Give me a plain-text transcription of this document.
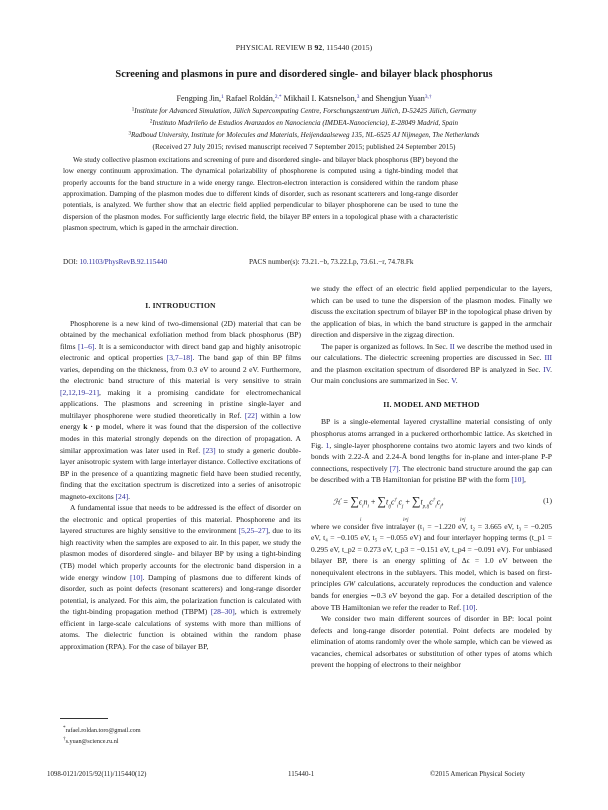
PHYSICAL REVIEW B 92, 115440 (2015)
Screening and plasmons in pure and disordered single- and bilayer black phosphorus
Fengping Jin,$^1$ Rafael Roldán,$^{2,*}$ Mikhail I. Katsnelson,$^3$ and Shengjun Yuan$^{3,\dagger}$
$^1$Institute for Advanced Simulation, Jülich Supercomputing Centre, Forschungszentrum Jülich, D-52425 Jülich, Germany
$^2$Instituto Madrileño de Estudios Avanzados en Nanociencia (IMDEA-Nanociencia), E-28049 Madrid, Spain
$^3$Radboud University, Institute for Molecules and Materials, Heijendaalseweg 135, NL-6525 AJ Nijmegen, The Netherlands
(Received 27 July 2015; revised manuscript received 7 September 2015; published 24 September 2015)
We study collective plasmon excitations and screening of pure and disordered single- and bilayer black phosphorus (BP) beyond the low energy continuum approximation. The dynamical polarizability of phosphorene is computed using a tight-binding model that properly accounts for the band structure in a wide energy range. Electron-electron interaction is considered within the random phase approximation. Damping of the plasmon modes due to different kinds of disorder, such as resonant scatterers and long-range disorder potentials, is analyzed. We further show that an electric field applied perpendicular to bilayer phosphorene can be used to tune the dispersion of the plasmon modes. For sufficiently large electric field, the bilayer BP enters in a topological phase with a characteristic plasmon spectrum, which is gaped in the armchair direction.
DOI: 10.1103/PhysRevB.92.115440	PACS number(s): 73.21.−b, 73.22.Lp, 73.61.−r, 74.78.Fk
I. INTRODUCTION

Phosphorene is a new kind of two-dimensional (2D) material that can be obtained by the mechanical exfoliation method from black phosphorus (BP) films [1–6]. It is a semiconductor with direct band gap and highly anisotropic electronic and optical properties [3,7–18]. The band gap of thin BP films varies, depending on the thickness, from 0.3 eV to around 2 eV. Furthermore, the electronic band structure of this material is very sensitive to strain [2,12,19–21], making it a promising candidate for electromechanical applications. The plasmons and screening in pristine single-layer and multilayer phosphorene were studied theoretically in Ref. [22] within a low energy k · p model, where it was found that the dispersion of the collective modes in this material strongly depends on the direction of propagation. A similar approximation was later used in Ref. [23] to study a generic double-layer anisotropic system with large interlayer distance. Collective excitations of BP in the presence of a quantizing magnetic field have been studied recently, finding that the excitation spectrum is discretized into a series of anisotropic magneto-excitons [24].

A fundamental issue that needs to be addressed is the effect of disorder on the electronic and optical properties of this material. Phosphorene and its layered structures are highly sensitive to the environment [5,25–27], due to its high reactivity when the samples are exposed to air. In this paper, we study the plasmon modes of disordered single- and bilayer BP by using a tight-binding (TB) model which properly accounts for the electronic band dispersion in a wide energy window [10]. Damping of plasmons due to different kinds of disorder, such as point defects (resonant scatterers) and long-range disorder potential, is analyzed. For this aim, the polarization function is calculated with the tight-binding propagation method (TBPM) [28–30], which is extremely efficient in large-scale calculations of systems with more than millions of atoms. The dielectric function is obtained within the random phase approximation (RPA). For the case of bilayer BP,

we study the effect of an electric field applied perpendicular to the layers, which can be used to tune the dispersion of the plasmon modes. Finally we discuss the excitation spectrum of bilayer BP in the topological phase driven by the application of bias, in which the band structure is gapped in the armchair direction and dispersive in the zigzag direction.

The paper is organized as follows. In Sec. II we describe the method used in our calculations. The dielectric screening properties are discussed in Sec. III and the plasmon excitation spectrum of disordered BP is analyzed in Sec. IV. Our main conclusions are summarized in Sec. V.

II. MODEL AND METHOD

BP is a single-elemental layered crystalline material consisting of only phosphorus atoms arranged in a puckered orthorhombic lattice. As sketched in Fig. 1, single-layer phosphorene contains two atomic layers and two kinds of bonds with 2.22-Å and 2.24-Å bond lengths for in-plane and inter-plane P-P connections, respectively [7]. The electronic band structure around the gap can be described with a TB Hamiltonian for pristine BP with the form [10],

ℋ = ∑
i
$\epsilon_in_i$ + ∑
i≠j
$t_{ij}c^\dagger_ic_j$ + ∑
i≠j
$t_{p,ij}c^\dagger_ic_j$,	(1)

where we consider five intralayer (t₁ = −1.220 eV, t₂ = 3.665 eV, t₃ = −0.205 eV, t₄ = −0.105 eV, t₅ = −0.055 eV) and four interlayer hopping terms (t_p1 = 0.295 eV, t_p2 = 0.273 eV, t_p3 = −0.151 eV, t_p4 = −0.091 eV). For unbiased bilayer BP, there is an energy splitting of Δϵ = 1.0 eV between the nonequivalent electrons in the sublayers. This model, which is based on first-principles GW calculations, accurately reproduces the conduction and valence bands for energies ∼0.3 eV beyond the gap. For a detailed description of the above TB Hamiltonian we refer the reader to Ref. [10].

We consider two main different sources of disorder in BP: local point defects and long-range disorder potential. Point defects are modeled by elimination of atoms randomly over the whole sample, which can be viewed as vacancies, chemical adsorbates or substitution of other types of atoms which prevent the hopping of electrons to their neighbor

*rafael.roldan.toro@gmail.com
†s.yuan@science.ru.nl
1098-0121/2015/92(11)/115440(12)	115440-1	©2015 American Physical Society
